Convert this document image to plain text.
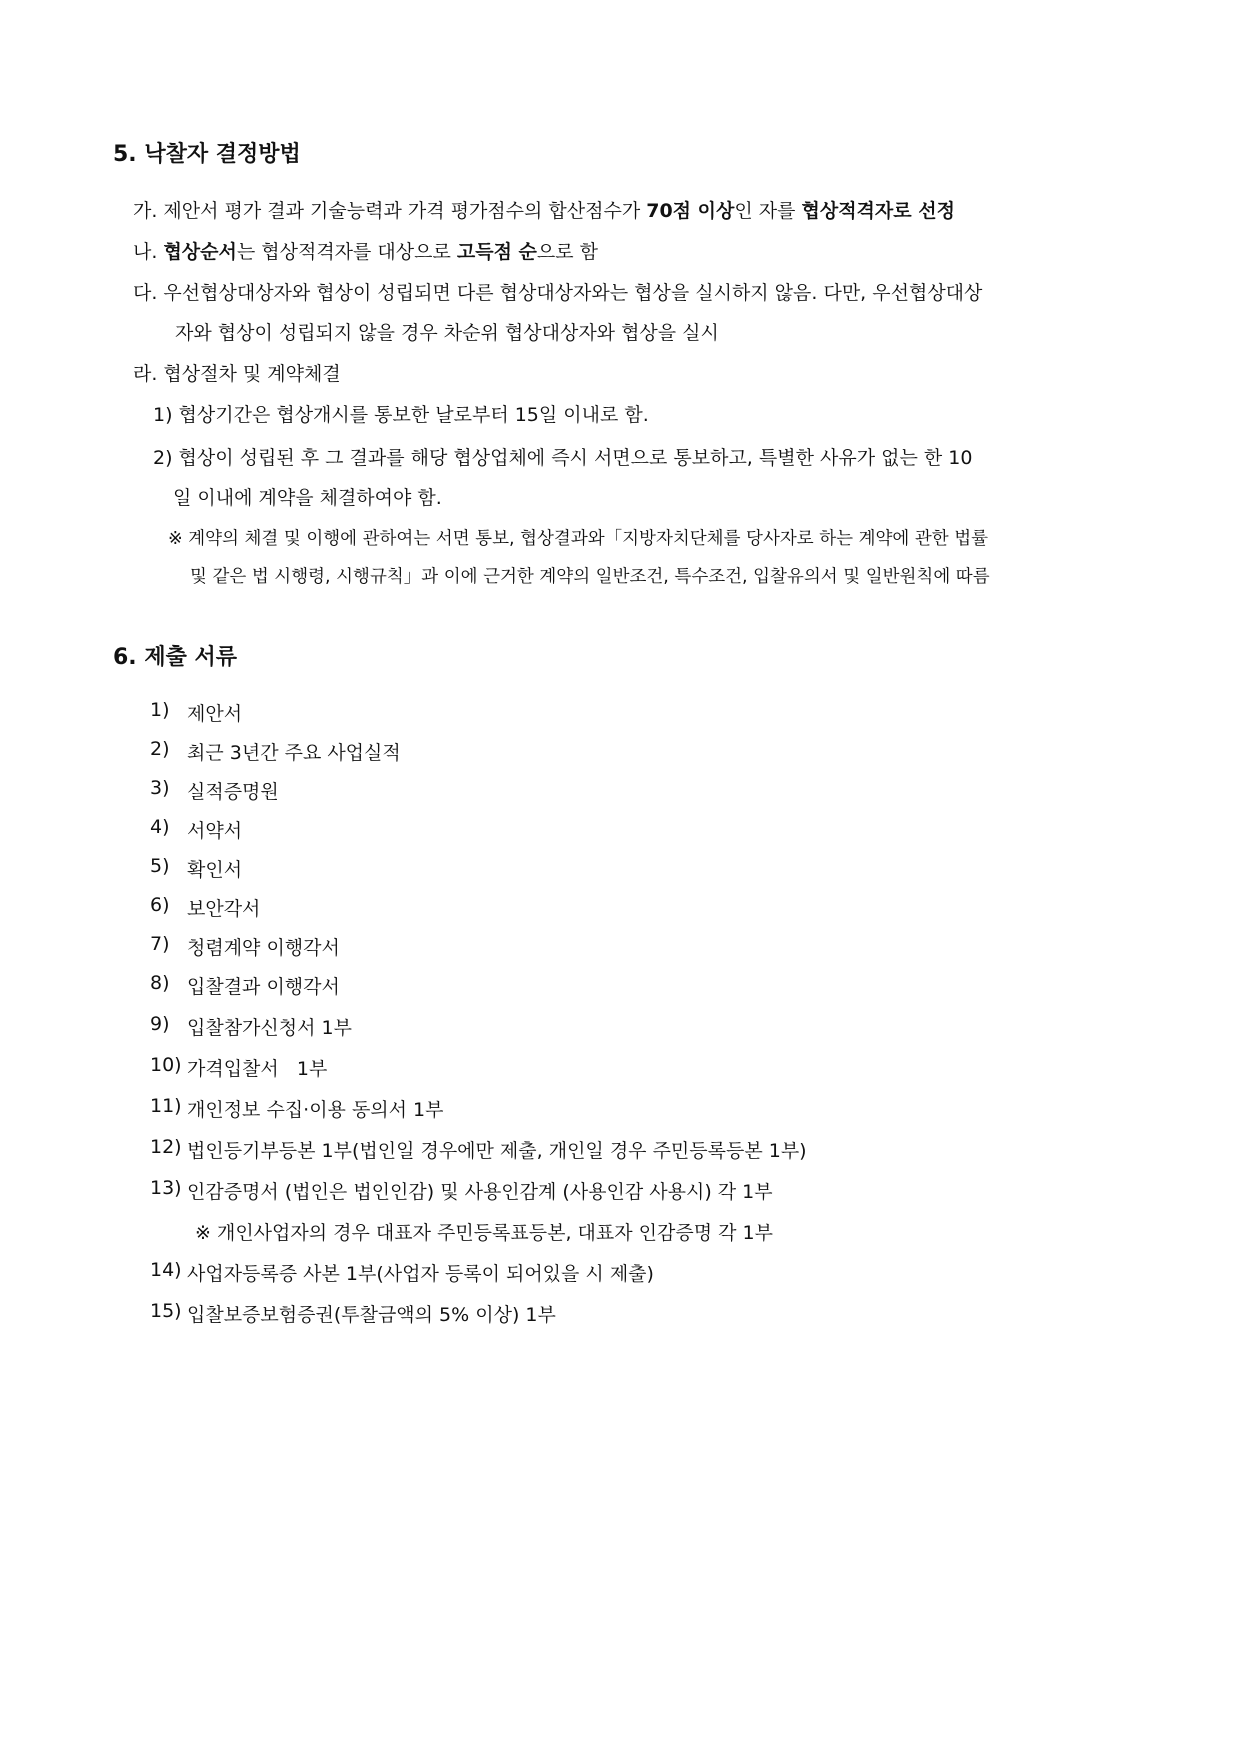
5. 낙찰자 결정방법
가. 제안서 평가 결과 기술능력과 가격 평가점수의 합산점수가 70점 이상인 자를 협상적격자로 선정
나. 협상순서는 협상적격자를 대상으로 고득점 순으로 함
다. 우선협상대상자와 협상이 성립되면 다른 협상대상자와는 협상을 실시하지 않음. 다만, 우선협상대상
자와 협상이 성립되지 않을 경우 차순위 협상대상자와 협상을 실시
라. 협상절차 및 계약체결
1) 협상기간은 협상개시를 통보한 날로부터 15일 이내로 함.
2) 협상이 성립된 후 그 결과를 해당 협상업체에 즉시 서면으로 통보하고, 특별한 사유가 없는 한 10
일 이내에 계약을 체결하여야 함.
※ 계약의 체결 및 이행에 관하여는 서면 통보, 협상결과와「지방자치단체를 당사자로 하는 계약에 관한 법률
및 같은 법 시행령, 시행규칙」과 이에 근거한 계약의 일반조건, 특수조건, 입찰유의서 및 일반원칙에 따름
6. 제출 서류
1) 제안서
2) 최근 3년간 주요 사업실적
3) 실적증명원
4) 서약서
5) 확인서
6) 보안각서
7) 청렴계약 이행각서
8) 입찰결과 이행각서
9) 입찰참가신청서 1부
10) 가격입찰서   1부
11) 개인정보 수집·이용 동의서 1부
12) 법인등기부등본 1부(법인일 경우에만 제출, 개인일 경우 주민등록등본 1부)
13) 인감증명서 (법인은 법인인감) 및 사용인감계 (사용인감 사용시) 각 1부
※ 개인사업자의 경우 대표자 주민등록표등본, 대표자 인감증명 각 1부
14) 사업자등록증 사본 1부(사업자 등록이 되어있을 시 제출)
15) 입찰보증보험증권(투찰금액의 5% 이상) 1부
